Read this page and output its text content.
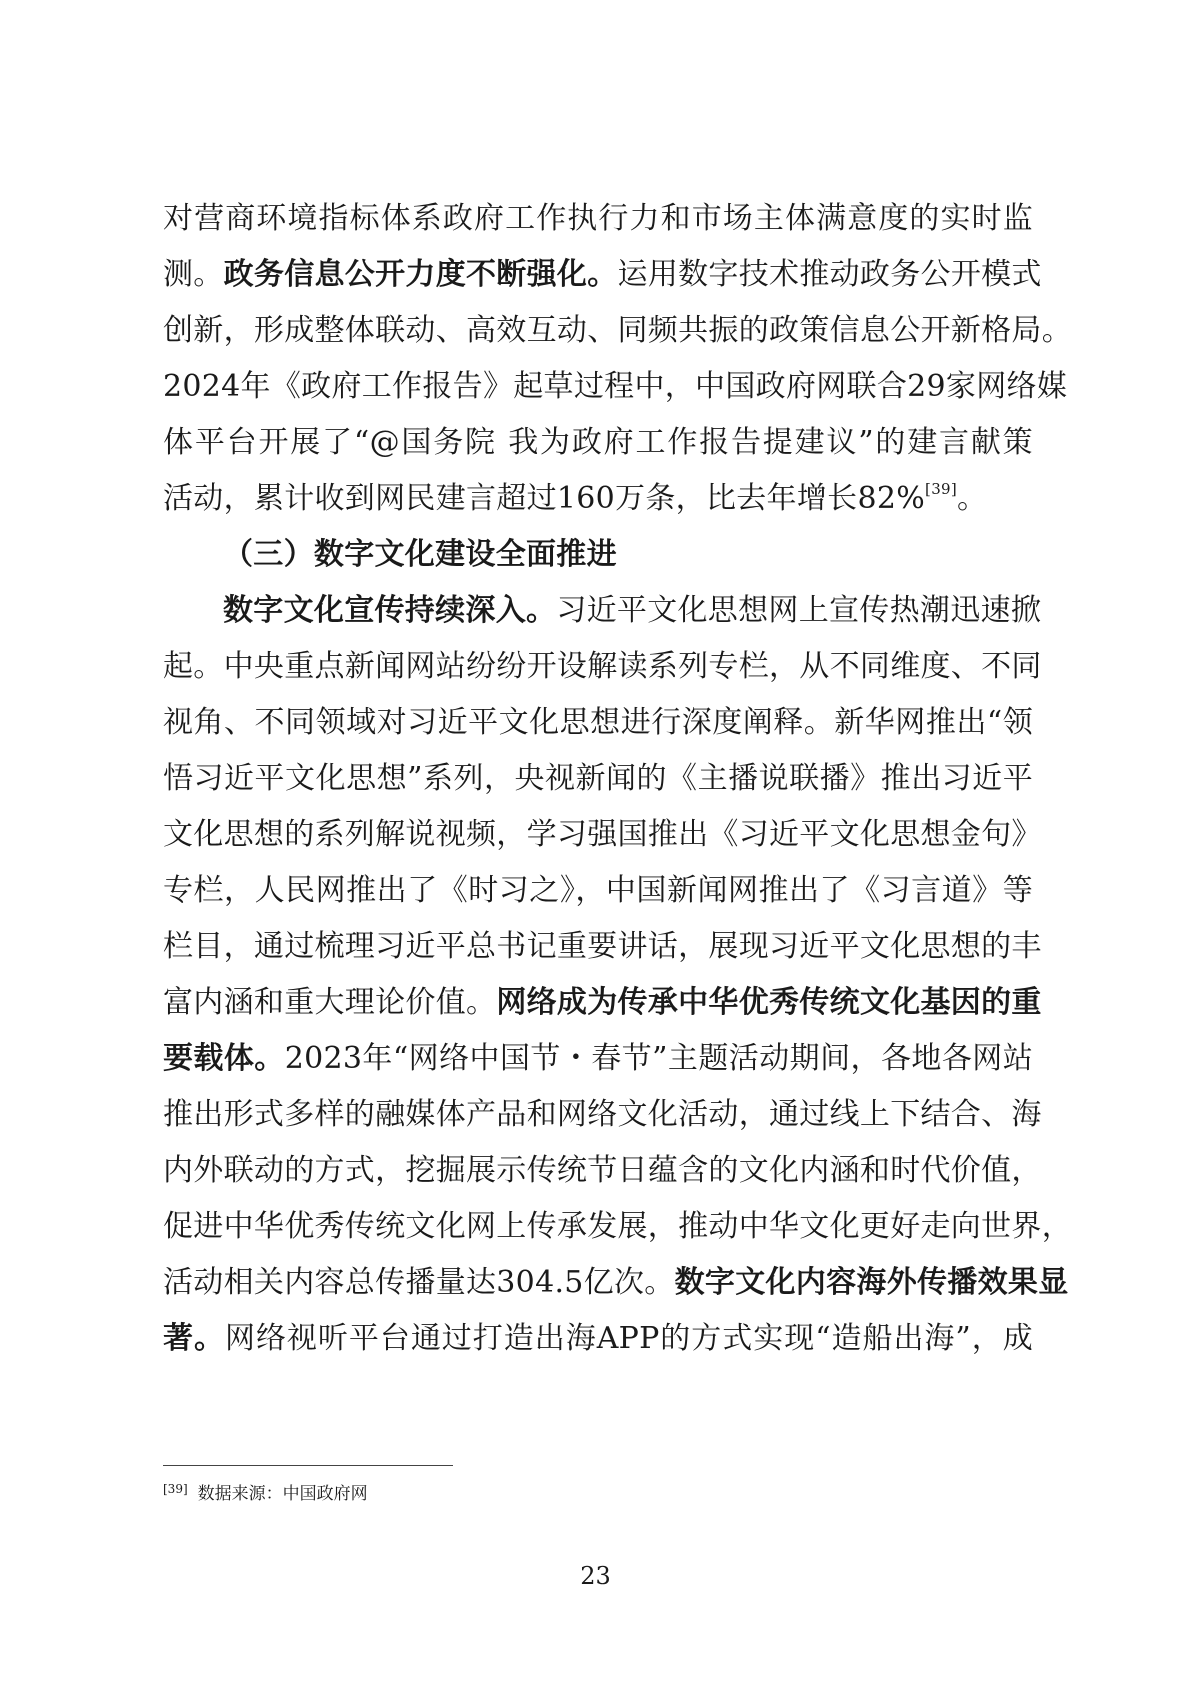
对营商环境指标体系政府工作执行力和市场主体满意度的实时监
测。政务信息公开力度不断强化。运用数字技术推动政务公开模式
创新，形成整体联动、高效互动、同频共振的政策信息公开新格局。
2024年《政府工作报告》起草过程中，中国政府网联合29家网络媒
体平台开展了“@国务院 我为政府工作报告提建议”的建言献策
活动，累计收到网民建言超过160万条，比去年增长82%[39]。
（三）数字文化建设全面推进
数字文化宣传持续深入。习近平文化思想网上宣传热潮迅速掀
起。中央重点新闻网站纷纷开设解读系列专栏，从不同维度、不同
视角、不同领域对习近平文化思想进行深度阐释。新华网推出“领
悟习近平文化思想”系列，央视新闻的《主播说联播》推出习近平
文化思想的系列解说视频，学习强国推出《习近平文化思想金句》
专栏，人民网推出了《时习之》，中国新闻网推出了《习言道》等
栏目，通过梳理习近平总书记重要讲话，展现习近平文化思想的丰
富内涵和重大理论价值。网络成为传承中华优秀传统文化基因的重
要载体。2023年“网络中国节・春节”主题活动期间，各地各网站
推出形式多样的融媒体产品和网络文化活动，通过线上下结合、海
内外联动的方式，挖掘展示传统节日蕴含的文化内涵和时代价值，
促进中华优秀传统文化网上传承发展，推动中华文化更好走向世界，
活动相关内容总传播量达304.5亿次。数字文化内容海外传播效果显
著。网络视听平台通过打造出海APP的方式实现“造船出海”，成
[39] 数据来源：中国政府网
23
